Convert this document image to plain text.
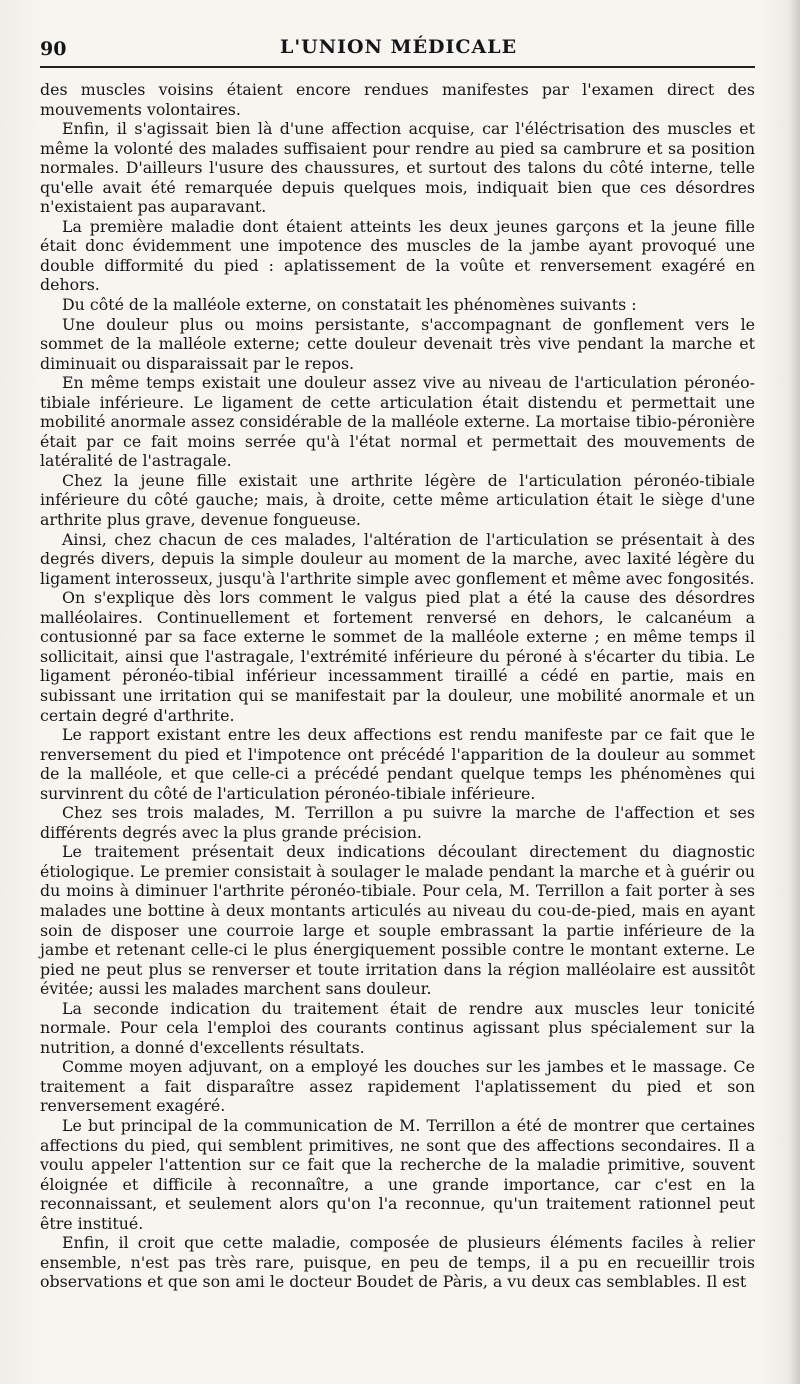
90	L'UNION MÉDICALE

des muscles voisins étaient encore rendues manifestes par l'examen direct des mouvements volontaires.

Enfin, il s'agissait bien là d'une affection acquise, car l'éléctrisation des muscles et même la volonté des malades suffisaient pour rendre au pied sa cambrure et sa position normales. D'ailleurs l'usure des chaussures, et surtout des talons du côté interne, telle qu'elle avait été remarquée depuis quelques mois, indiquait bien que ces désordres n'existaient pas auparavant.

La première maladie dont étaient atteints les deux jeunes garçons et la jeune fille était donc évidemment une impotence des muscles de la jambe ayant provoqué une double difformité du pied : aplatissement de la voûte et renversement exagéré en dehors.

Du côté de la malléole externe, on constatait les phénomènes suivants :

Une douleur plus ou moins persistante, s'accompagnant de gonflement vers le sommet de la malléole externe; cette douleur devenait très vive pendant la marche et diminuait ou disparaissait par le repos.

En même temps existait une douleur assez vive au niveau de l'articulation péronéo-tibiale inférieure. Le ligament de cette articulation était distendu et permettait une mobilité anormale assez considérable de la malléole externe. La mortaise tibio-péronière était par ce fait moins serrée qu'à l'état normal et permettait des mouvements de latéralité de l'astragale.

Chez la jeune fille existait une arthrite légère de l'articulation péronéo-tibiale inférieure du côté gauche; mais, à droite, cette même articulation était le siège d'une arthrite plus grave, devenue fongueuse.

Ainsi, chez chacun de ces malades, l'altération de l'articulation se présentait à des degrés divers, depuis la simple douleur au moment de la marche, avec laxité légère du ligament interosseux, jusqu'à l'arthrite simple avec gonflement et même avec fongosités.

On s'explique dès lors comment le valgus pied plat a été la cause des désordres malléolaires. Continuellement et fortement renversé en dehors, le calcanéum a contusionné par sa face externe le sommet de la malléole externe ; en même temps il sollicitait, ainsi que l'astragale, l'extrémité inférieure du péroné à s'écarter du tibia. Le ligament péronéo-tibial inférieur incessamment tiraillé a cédé en partie, mais en subissant une irritation qui se manifestait par la douleur, une mobilité anormale et un certain degré d'arthrite.

Le rapport existant entre les deux affections est rendu manifeste par ce fait que le renversement du pied et l'impotence ont précédé l'apparition de la douleur au sommet de la malléole, et que celle-ci a précédé pendant quelque temps les phénomènes qui survinrent du côté de l'articulation péronéo-tibiale inférieure.

Chez ses trois malades, M. Terrillon a pu suivre la marche de l'affection et ses différents degrés avec la plus grande précision.

Le traitement présentait deux indications découlant directement du diagnostic étiologique. Le premier consistait à soulager le malade pendant la marche et à guérir ou du moins à diminuer l'arthrite péronéo-tibiale. Pour cela, M. Terrillon a fait porter à ses malades une bottine à deux montants articulés au niveau du cou-de-pied, mais en ayant soin de disposer une courroie large et souple embrassant la partie inférieure de la jambe et retenant celle-ci le plus énergiquement possible contre le montant externe. Le pied ne peut plus se renverser et toute irritation dans la région malléolaire est aussitôt évitée; aussi les malades marchent sans douleur.

La seconde indication du traitement était de rendre aux muscles leur tonicité normale. Pour cela l'emploi des courants continus agissant plus spécialement sur la nutrition, a donné d'excellents résultats.

Comme moyen adjuvant, on a employé les douches sur les jambes et le massage. Ce traitement a fait disparaître assez rapidement l'aplatissement du pied et son renversement exagéré.

Le but principal de la communication de M. Terrillon a été de montrer que certaines affections du pied, qui semblent primitives, ne sont que des affections secondaires. Il a voulu appeler l'attention sur ce fait que la recherche de la maladie primitive, souvent éloignée et difficile à reconnaître, a une grande importance, car c'est en la reconnaissant, et seulement alors qu'on l'a reconnue, qu'un traitement rationnel peut être institué.

Enfin, il croit que cette maladie, composée de plusieurs éléments faciles à relier ensemble, n'est pas très rare, puisque, en peu de temps, il a pu en recueillir trois observations et que son ami le docteur Boudet de Pàris, a vu deux cas semblables. Il est
